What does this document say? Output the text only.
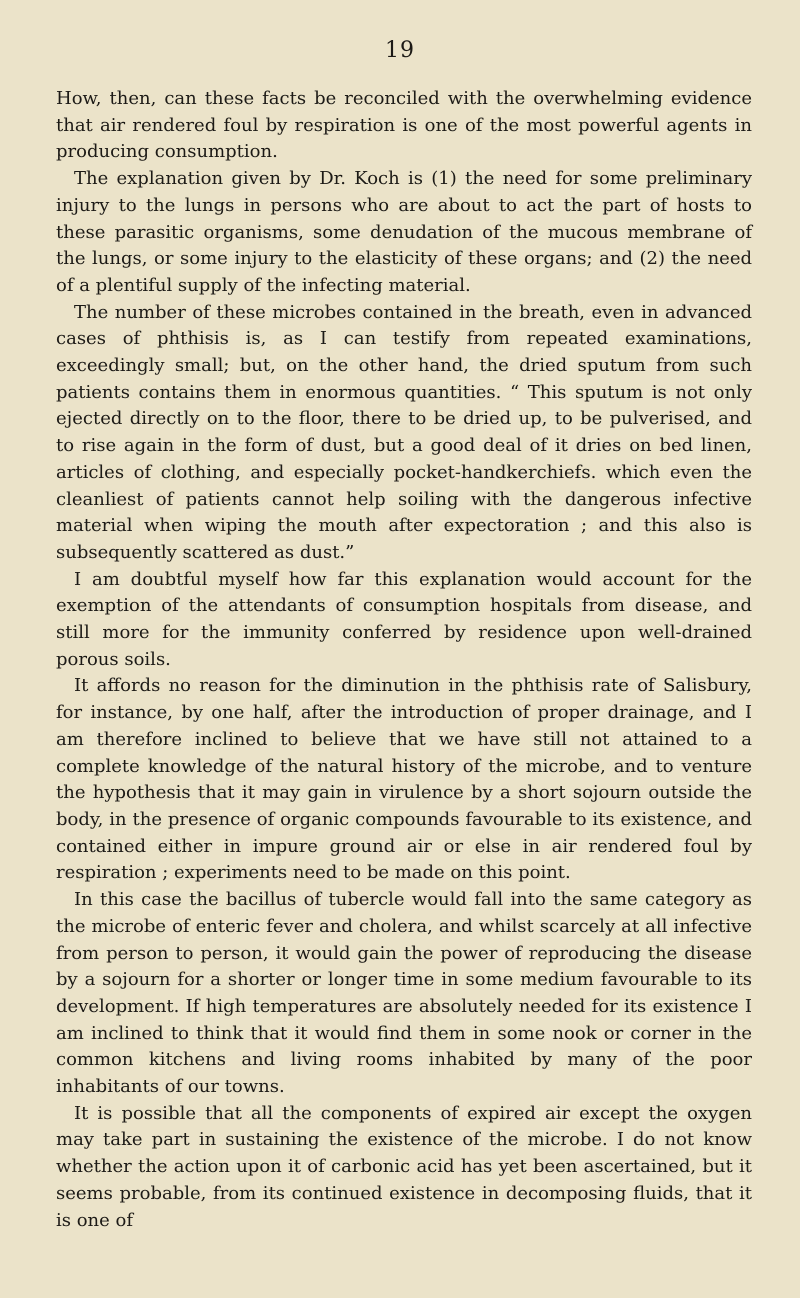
19

How, then, can these facts be reconciled with the overwhelming evidence that air rendered foul by respiration is one of the most powerful agents in producing consumption.

The explanation given by Dr. Koch is (1) the need for some preliminary injury to the lungs in persons who are about to act the part of hosts to these parasitic organisms, some denudation of the mucous membrane of the lungs, or some injury to the elasticity of these organs; and (2) the need of a plentiful supply of the infecting material.

The number of these microbes contained in the breath, even in advanced cases of phthisis is, as I can testify from repeated examinations, exceedingly small; but, on the other hand, the dried sputum from such patients contains them in enormous quantities. “ This sputum is not only ejected directly on to the floor, there to be dried up, to be pulverised, and to rise again in the form of dust, but a good deal of it dries on bed linen, articles of clothing, and especially pocket-handkerchiefs. which even the cleanliest of patients cannot help soiling with the dangerous infective material when wiping the mouth after expectoration ; and this also is subsequently scattered as dust.”

I am doubtful myself how far this explanation would account for the exemption of the attendants of consumption hospitals from disease, and still more for the immunity conferred by residence upon well-drained porous soils.

It affords no reason for the diminution in the phthisis rate of Salisbury, for instance, by one half, after the introduction of proper drainage, and I am therefore inclined to believe that we have still not attained to a complete knowledge of the natural history of the microbe, and to venture the hypothesis that it may gain in virulence by a short sojourn outside the body, in the presence of organic compounds favourable to its existence, and contained either in impure ground air or else in air rendered foul by respiration ; experiments need to be made on this point.

In this case the bacillus of tubercle would fall into the same category as the microbe of enteric fever and cholera, and whilst scarcely at all infective from person to person, it would gain the power of reproducing the disease by a sojourn for a shorter or longer time in some medium favourable to its development. If high temperatures are absolutely needed for its existence I am inclined to think that it would find them in some nook or corner in the common kitchens and living rooms inhabited by many of the poor inhabitants of our towns.

It is possible that all the components of expired air except the oxygen may take part in sustaining the existence of the microbe. I do not know whether the action upon it of carbonic acid has yet been ascertained, but it seems probable, from its continued existence in decomposing fluids, that it is one of
